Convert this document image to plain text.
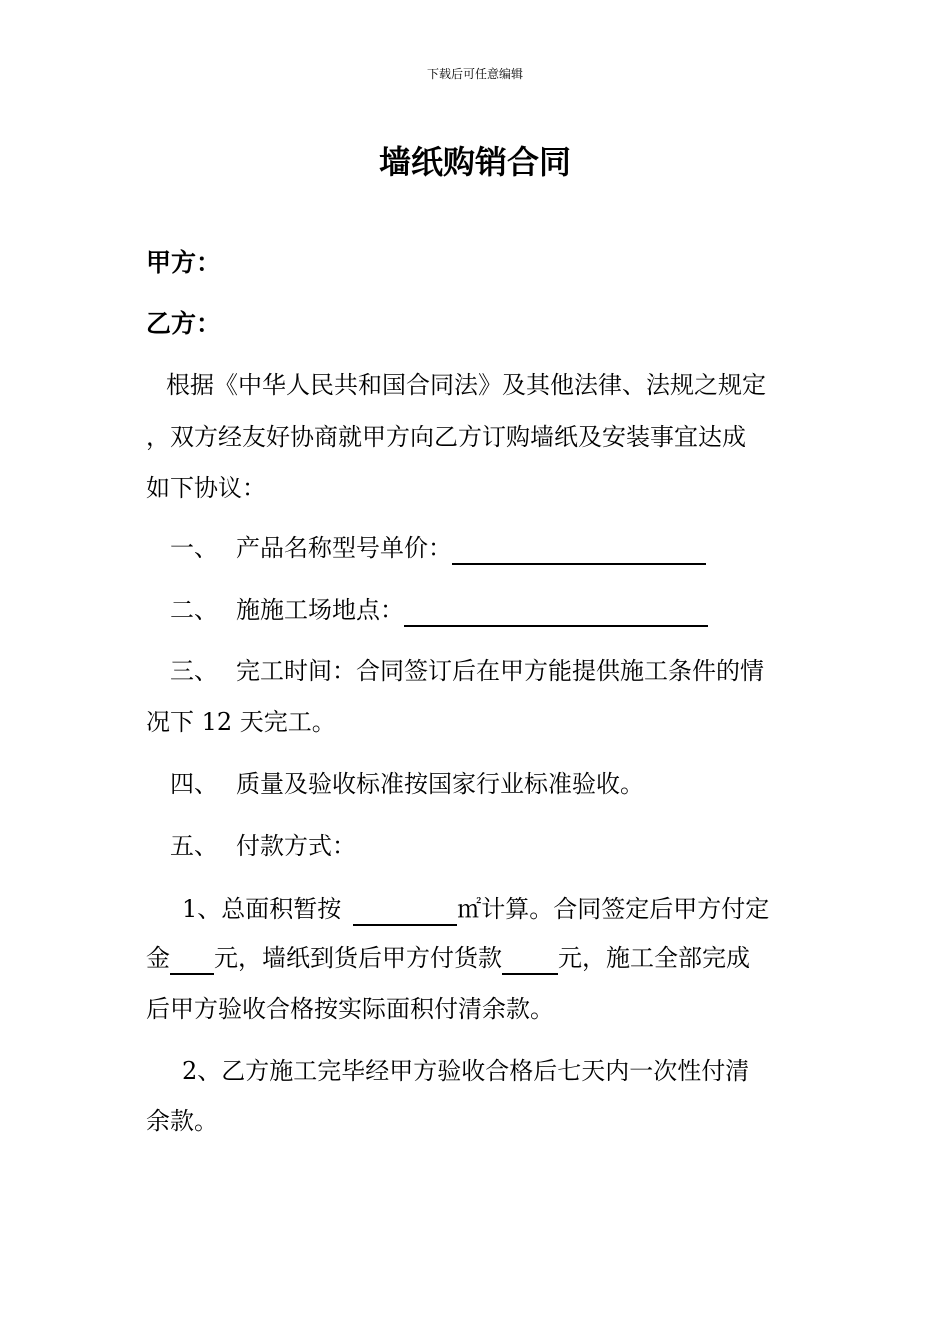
下载后可任意编辑
墙纸购销合同
甲方：
乙方：
根据《中华人民共和国合同法》及其他法律、法规之规定
，双方经友好协商就甲方向乙方订购墙纸及安装事宜达成
如下协议：
一、 产品名称型号单价：
二、 施施工场地点：
三、 完工时间：合同签订后在甲方能提供施工条件的情
况下 12 天完工。
四、 质量及验收标准按国家行业标准验收。
五、 付款方式：
1、总面积暂按	㎡计算。合同签定后甲方付定
金 元，墙纸到货后甲方付货款 元，施工全部完成
后甲方验收合格按实际面积付清余款。
2、乙方施工完毕经甲方验收合格后七天内一次性付清
余款。
